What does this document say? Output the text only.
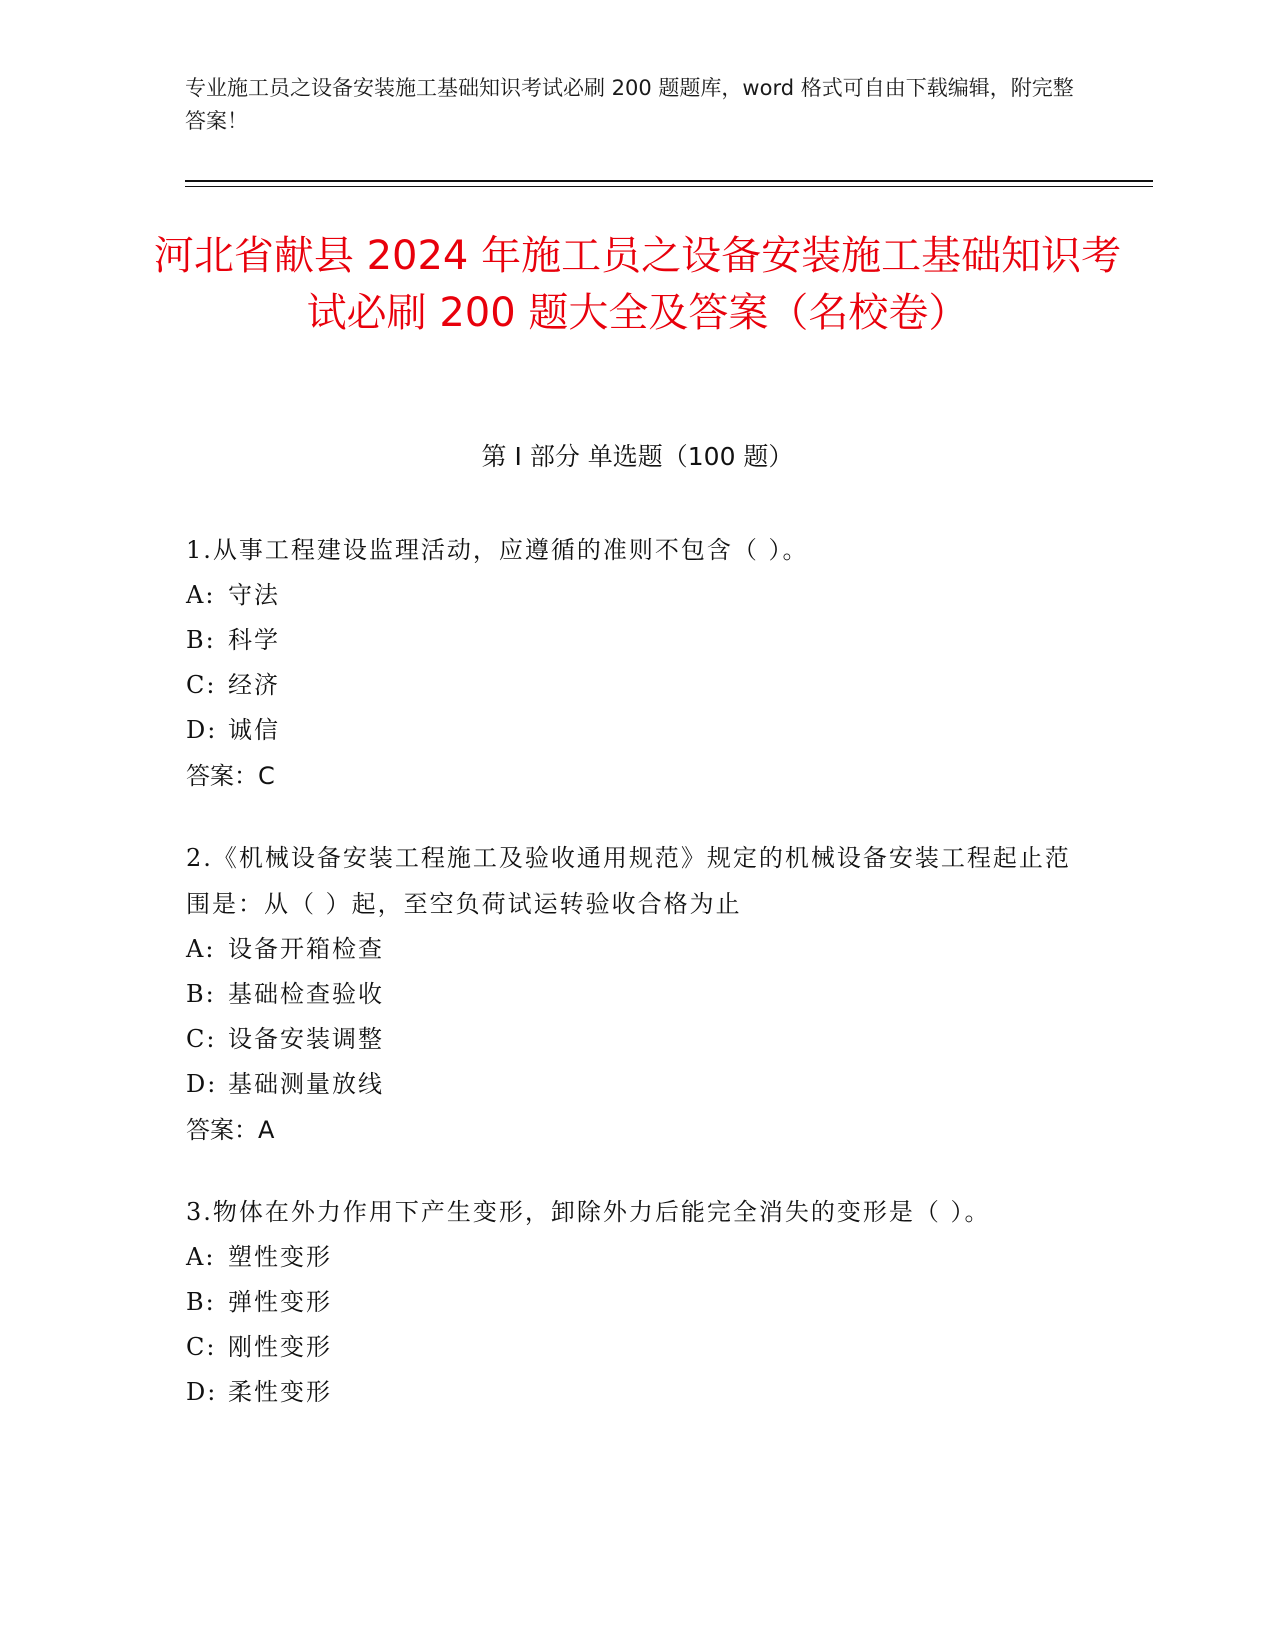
专业施工员之设备安装施工基础知识考试必刷 200 题题库，word 格式可自由下载编辑，附完整答案！
河北省献县 2024 年施工员之设备安装施工基础知识考试必刷 200 题大全及答案（名校卷）
第 I 部分 单选题（100 题）
1.从事工程建设监理活动，应遵循的准则不包含（ ）。
A: 守法
B: 科学
C: 经济
D: 诚信
答案：C
2.《机械设备安装工程施工及验收通用规范》规定的机械设备安装工程起止范围是：从（ ）起，至空负荷试运转验收合格为止
A: 设备开箱检查
B: 基础检查验收
C: 设备安装调整
D: 基础测量放线
答案：A
3.物体在外力作用下产生变形，卸除外力后能完全消失的变形是（ ）。
A: 塑性变形
B: 弹性变形
C: 刚性变形
D: 柔性变形
